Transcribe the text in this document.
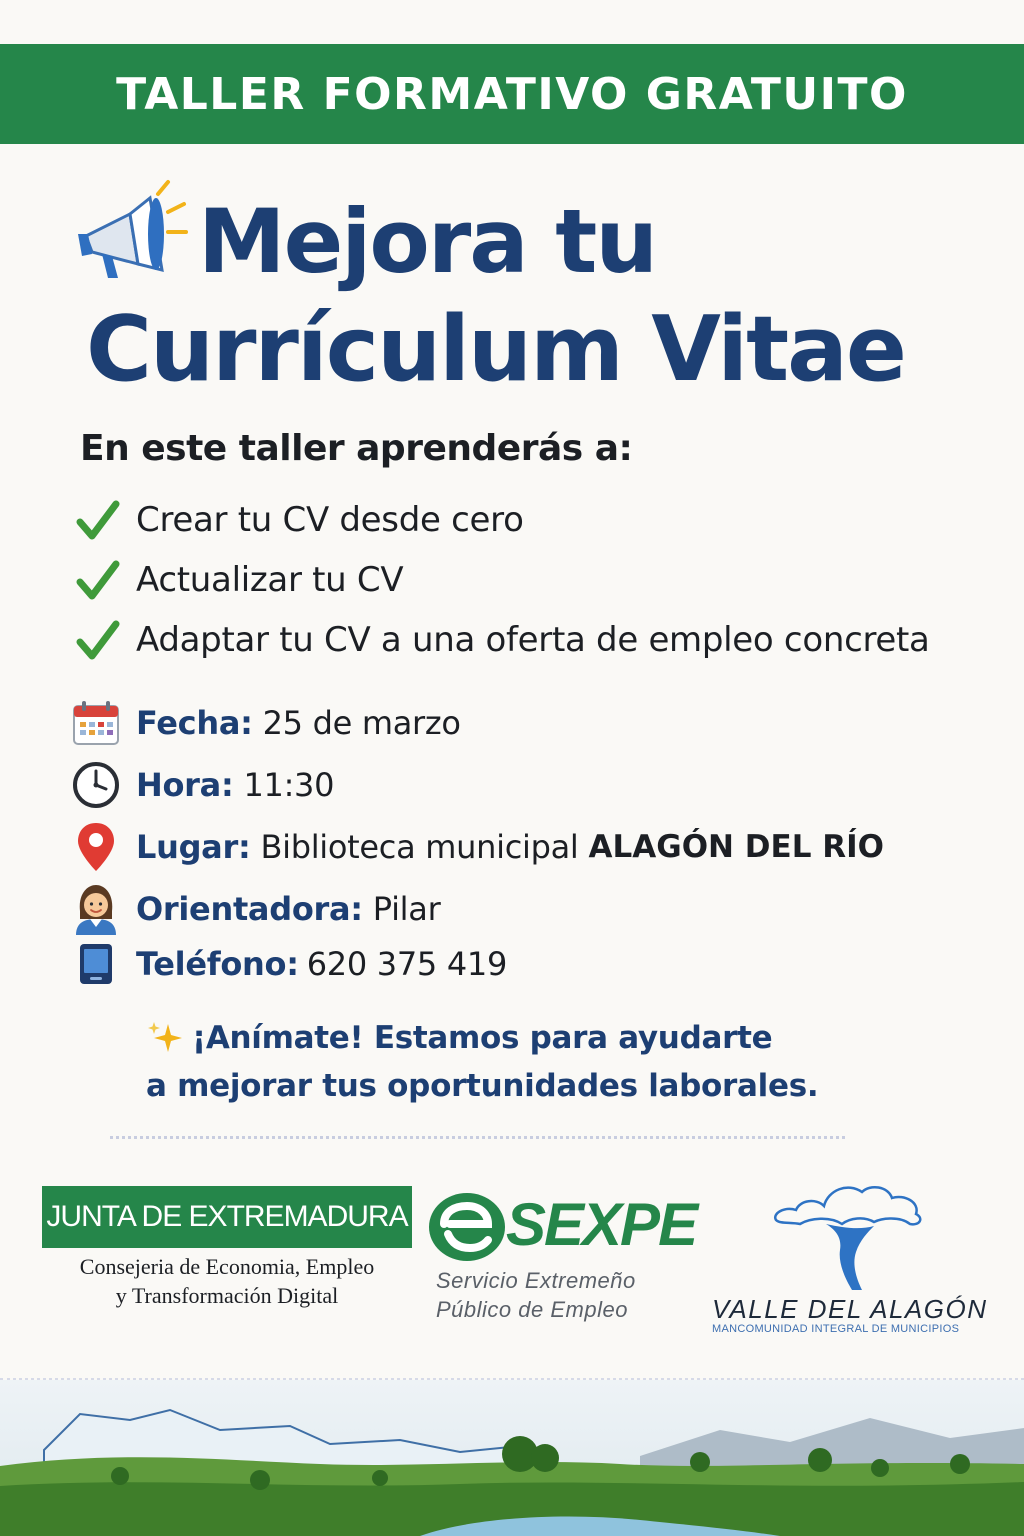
TALLER FORMATIVO GRATUITO
Mejora tu
Currículum Vitae
En este taller aprenderás a:
Crear tu CV desde cero
Actualizar tu CV
Adaptar tu CV a una oferta de empleo concreta
Fecha: 25 de marzo
Hora: 11:30
Lugar: Biblioteca municipal ALAGÓN DEL RÍO
Orientadora: Pilar
Teléfono: 620 375 419
¡Anímate! Estamos para ayudarte
a mejorar tus oportunidades laborales.
JUNTA DE EXTREMADURA
Consejeria de Economia, Empleo
y Transformación Digital
SEXPE
Servicio Extremeño
Público de Empleo	VALLE DEL ALAGÓN
MANCOMUNIDAD INTEGRAL DE MUNICIPIOS
